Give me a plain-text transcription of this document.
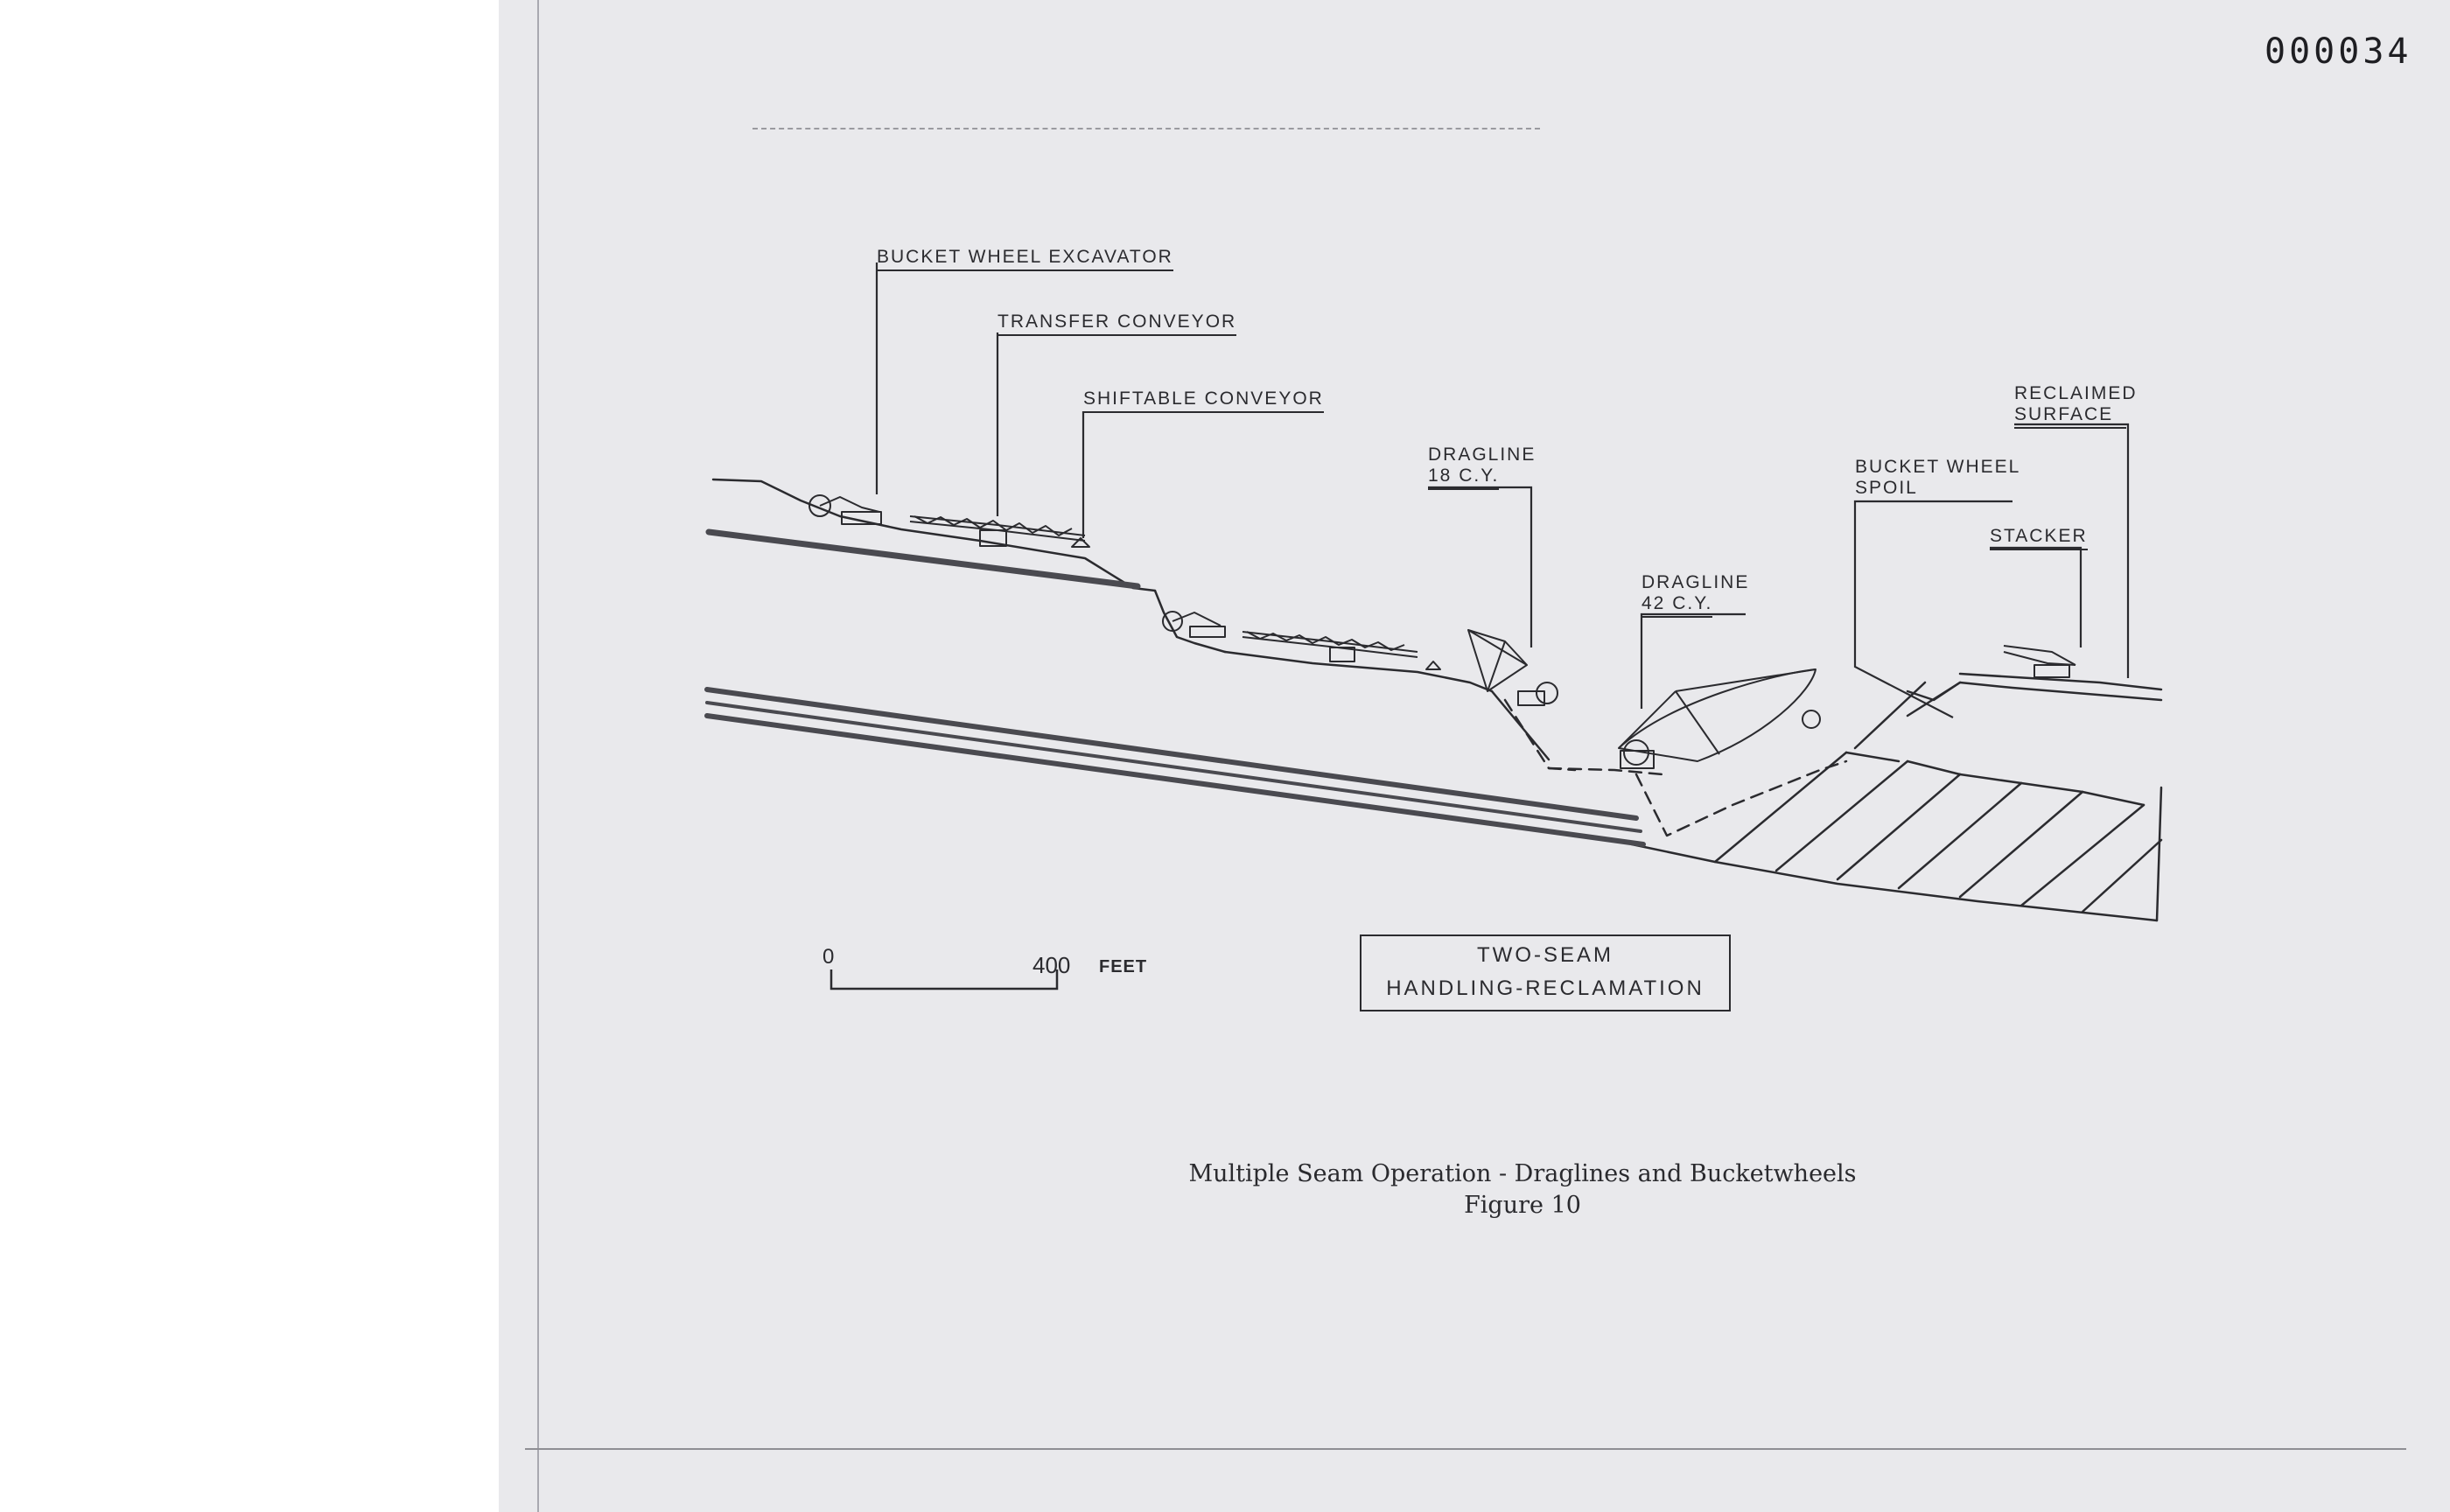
000034
BUCKET WHEEL EXCAVATOR
TRANSFER CONVEYOR
SHIFTABLE CONVEYOR
DRAGLINE
18 C.Y.
DRAGLINE
42 C.Y.
BUCKET WHEEL
SPOIL
RECLAIMED
SURFACE
STACKER
0	400 FEET	TWO-SEAM
HANDLING-RECLAMATION
Multiple Seam Operation - Draglines and Bucketwheels
Figure 10
